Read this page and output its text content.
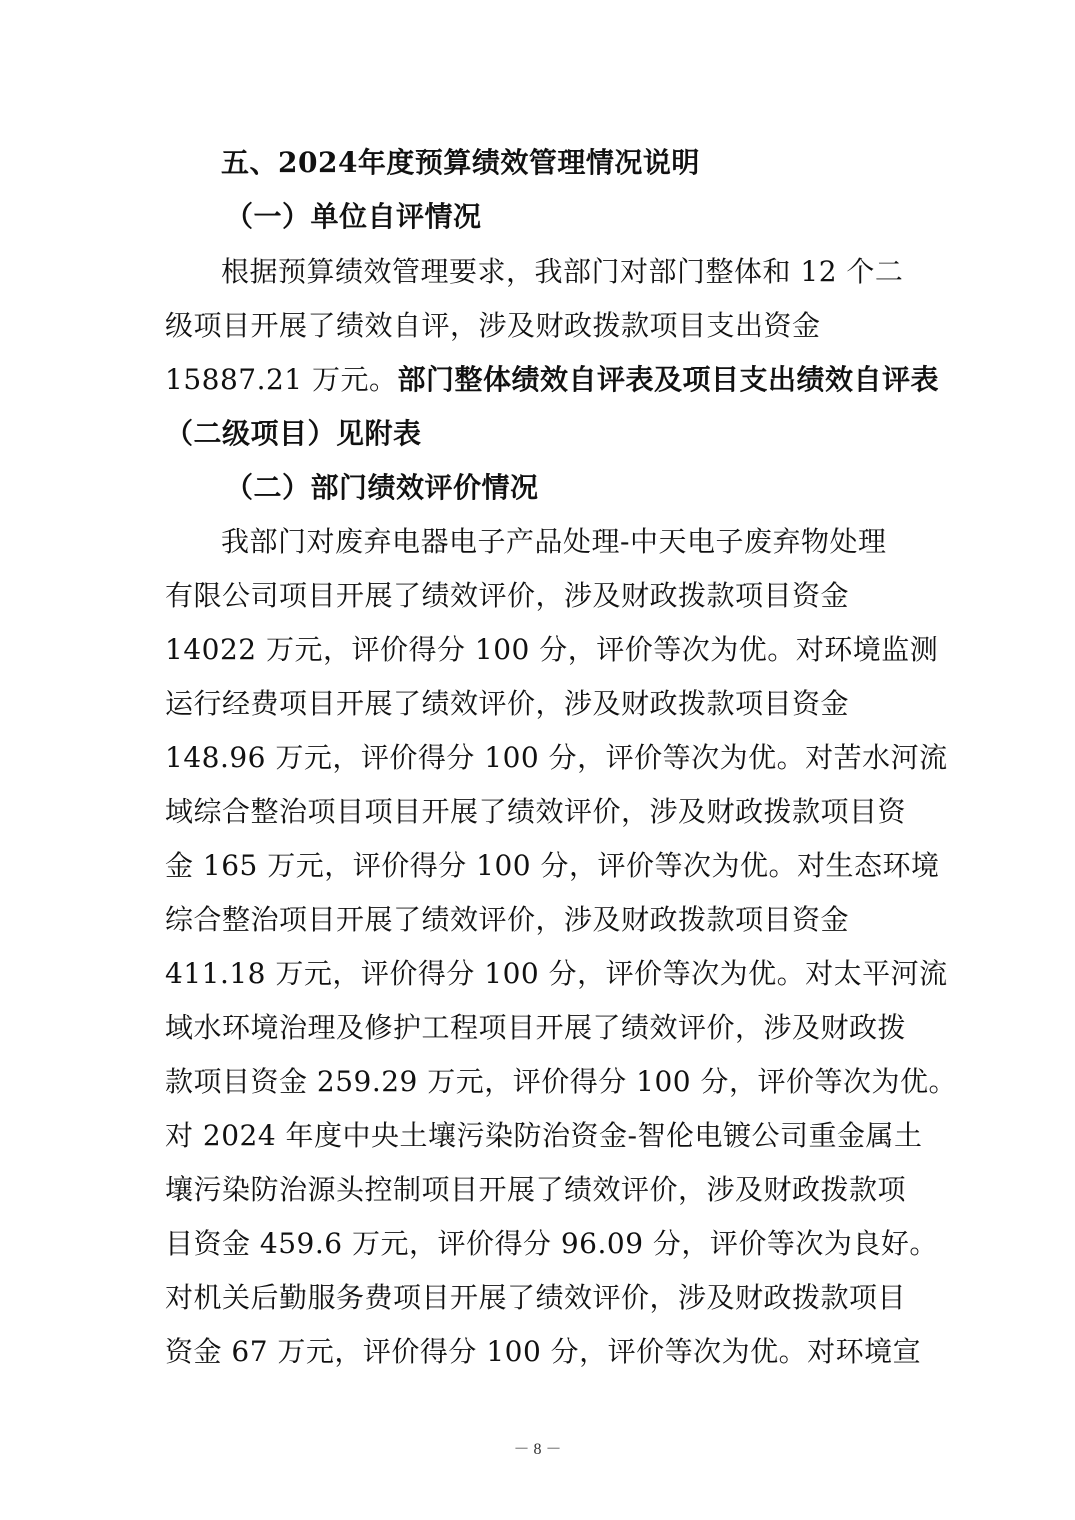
五、2024年度预算绩效管理情况说明
（一）单位自评情况
根据预算绩效管理要求，我部门对部门整体和 12 个二
级项目开展了绩效自评，涉及财政拨款项目支出资金
15887.21 万元。部门整体绩效自评表及项目支出绩效自评表
（二级项目）见附表
（二）部门绩效评价情况
我部门对废弃电器电子产品处理-中天电子废弃物处理
有限公司项目开展了绩效评价，涉及财政拨款项目资金
14022 万元，评价得分 100 分，评价等次为优。对环境监测
运行经费项目开展了绩效评价，涉及财政拨款项目资金
148.96 万元，评价得分 100 分，评价等次为优。对苦水河流
域综合整治项目项目开展了绩效评价，涉及财政拨款项目资
金 165 万元，评价得分 100 分，评价等次为优。对生态环境
综合整治项目开展了绩效评价，涉及财政拨款项目资金
411.18 万元，评价得分 100 分，评价等次为优。对太平河流
域水环境治理及修护工程项目开展了绩效评价，涉及财政拨
款项目资金 259.29 万元，评价得分 100 分，评价等次为优。
对 2024 年度中央土壤污染防治资金-智伦电镀公司重金属土
壤污染防治源头控制项目开展了绩效评价，涉及财政拨款项
目资金 459.6 万元，评价得分 96.09 分，评价等次为良好。
对机关后勤服务费项目开展了绩效评价，涉及财政拨款项目
资金 67 万元，评价得分 100 分，评价等次为优。对环境宣
－ 8 －
